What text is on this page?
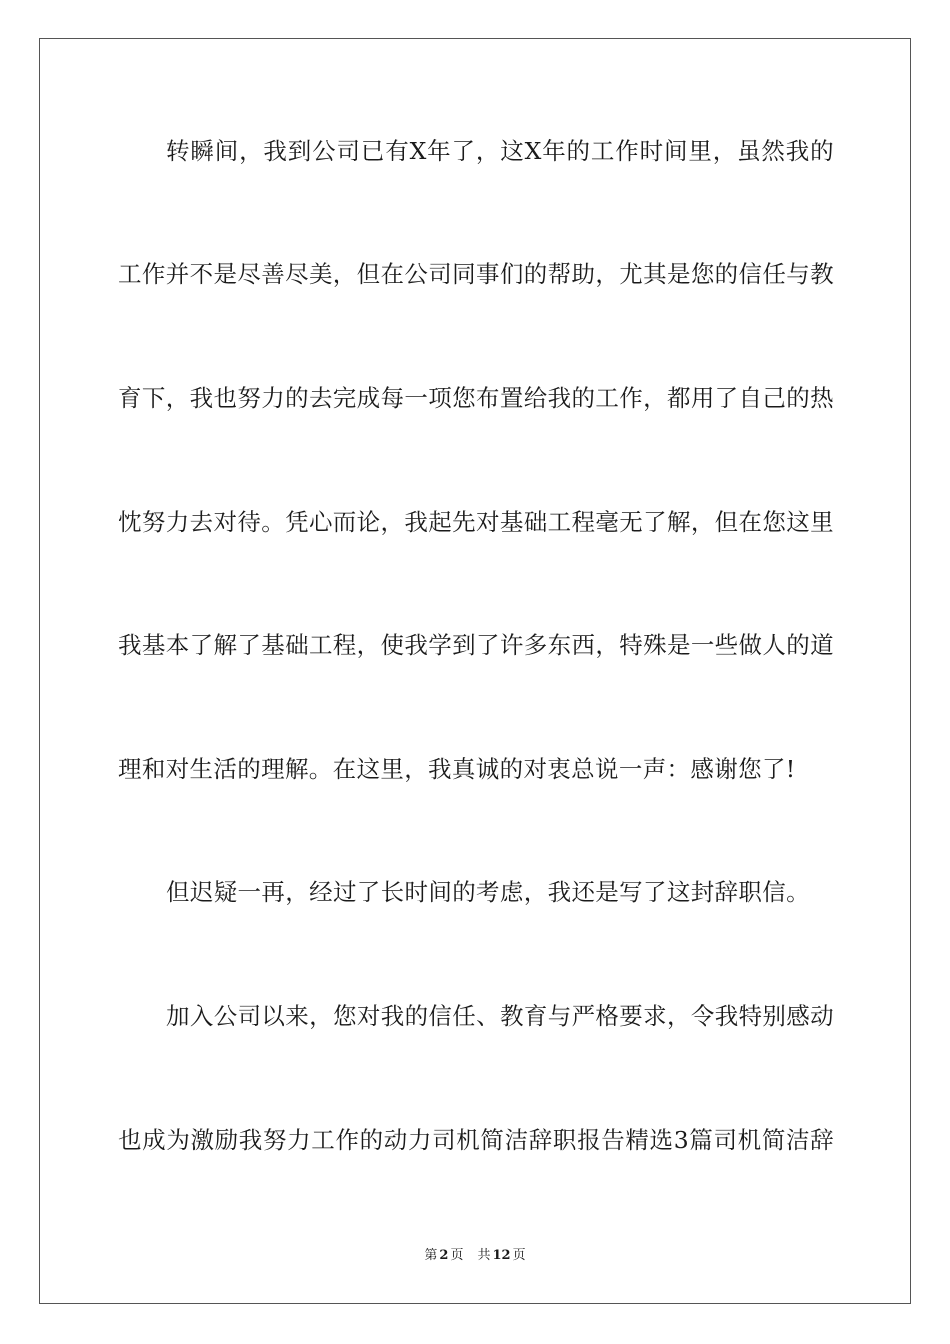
转瞬间，我到公司已有X年了，这X年的工作时间里，虽然我的
工作并不是尽善尽美，但在公司同事们的帮助，尤其是您的信任与教
育下，我也努力的去完成每一项您布置给我的工作，都用了自己的热
忱努力去对待。凭心而论，我起先对基础工程毫无了解，但在您这里
我基本了解了基础工程，使我学到了许多东西，特殊是一些做人的道
理和对生活的理解。在这里，我真诚的对衷总说一声：感谢您了!
但迟疑一再，经过了长时间的考虑，我还是写了这封辞职信。
加入公司以来，您对我的信任、教育与严格要求，令我特别感动
也成为激励我努力工作的动力司机简洁辞职报告精选3篇司机简洁辞
第 2 页 共 12 页
